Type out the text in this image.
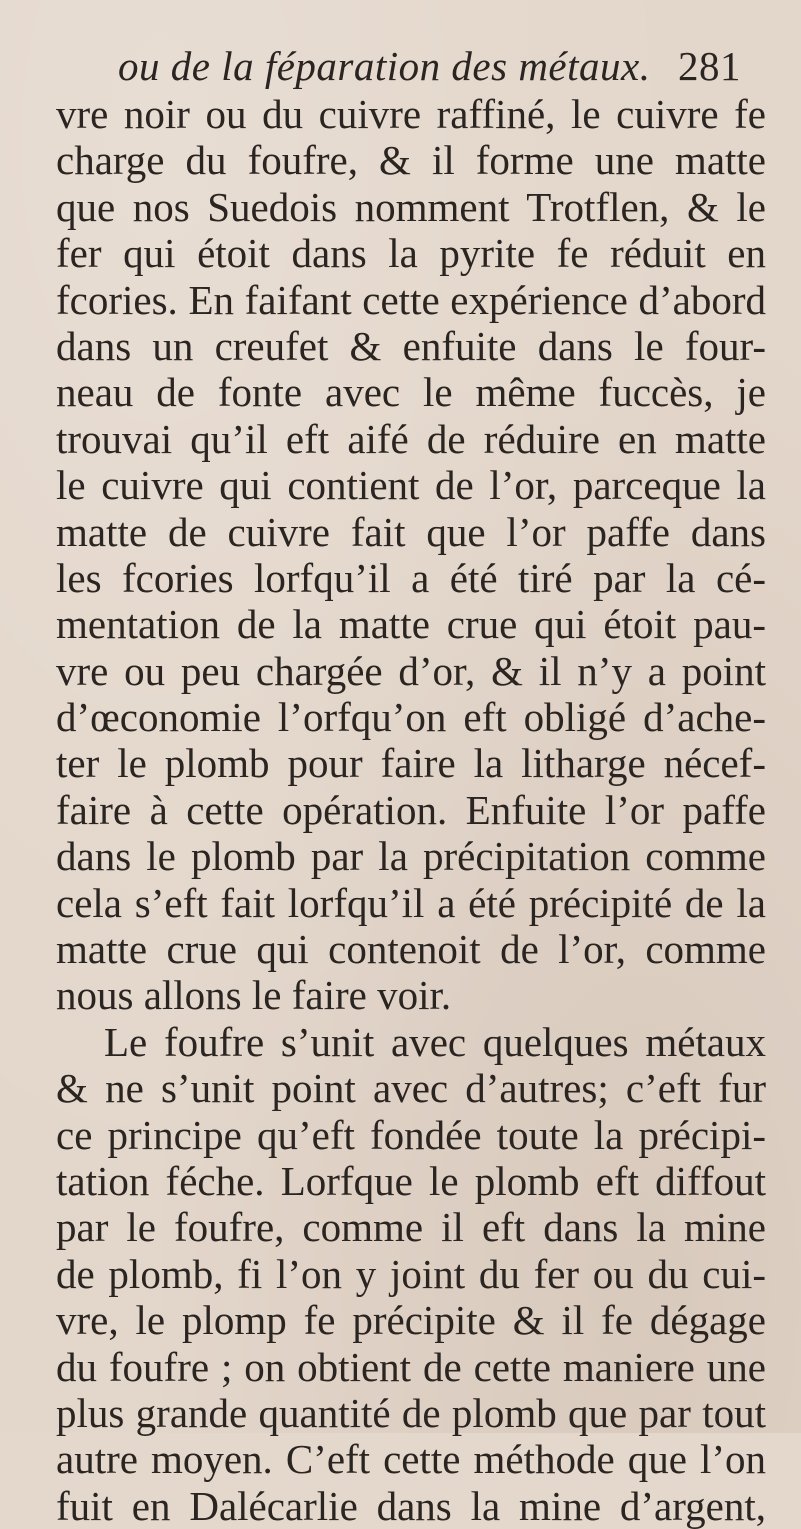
ou de la féparation des métaux. 281
vre noir ou du cuivre raffiné, le cuivre fe
charge du foufre, & il forme une matte
que nos Suedois nomment Trotflen, & le
fer qui étoit dans la pyrite fe réduit en
fcories. En faifant cette expérience d’abord
dans un creufet & enfuite dans le four-
neau de fonte avec le même fuccès, je
trouvai qu’il eft aifé de réduire en matte
le cuivre qui contient de l’or, parceque la
matte de cuivre fait que l’or paffe dans
les fcories lorfqu’il a été tiré par la cé-
mentation de la matte crue qui étoit pau-
vre ou peu chargée d’or, & il n’y a point
d’œconomie l’orfqu’on eft obligé d’ache-
ter le plomb pour faire la litharge nécef-
faire à cette opération. Enfuite l’or paffe
dans le plomb par la précipitation comme
cela s’eft fait lorfqu’il a été précipité de la
matte crue qui contenoit de l’or, comme
nous allons le faire voir.
Le foufre s’unit avec quelques métaux
& ne s’unit point avec d’autres; c’eft fur
ce principe qu’eft fondée toute la précipi-
tation féche. Lorfque le plomb eft diffout
par le foufre, comme il eft dans la mine
de plomb, fi l’on y joint du fer ou du cui-
vre, le plomp fe précipite & il fe dégage
du foufre ; on obtient de cette maniere une
plus grande quantité de plomb que par tout
autre moyen. C’eft cette méthode que l’on
fuit en Dalécarlie dans la mine d’argent,
